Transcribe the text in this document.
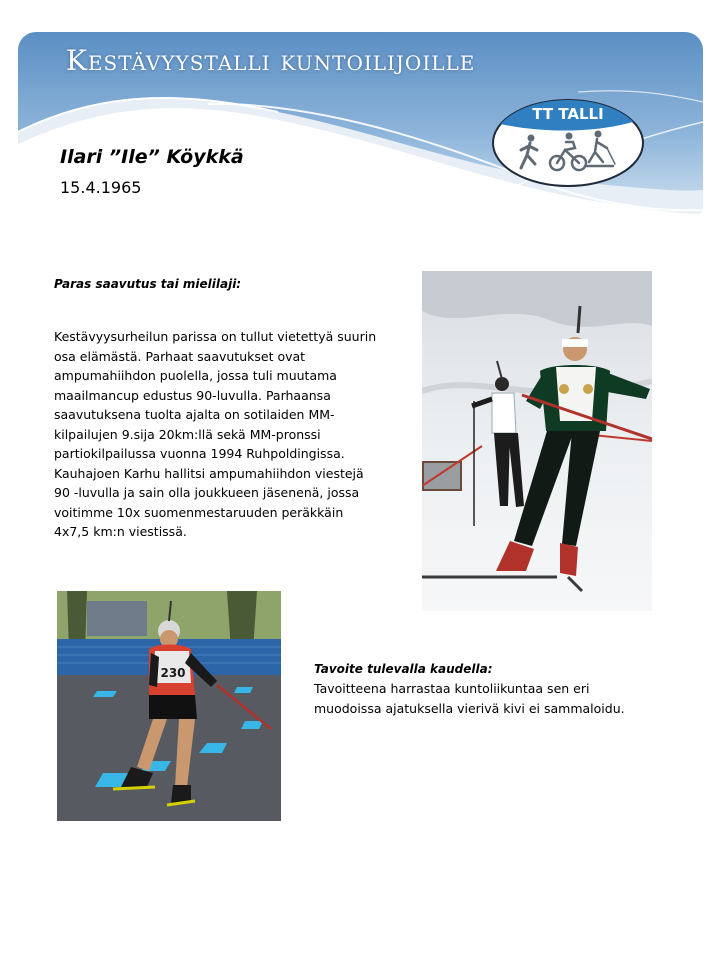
Kestävyystalli kuntoilijoille
TT TALLI
Ilari ”Ile” Köykkä
15.4.1965
Paras saavutus tai mielilaji:
Kestävyysurheilun parissa on tullut vietettyä suurin
osa elämästä. Parhaat saavutukset ovat
ampumahiihdon puolella, jossa tuli muutama
maailmancup edustus 90-luvulla. Parhaansa
saavutuksena tuolta ajalta on sotilaiden MM-
kilpailujen 9.sija 20km:llä sekä MM-pronssi
partiokilpailussa vuonna 1994 Ruhpoldingissa.
Kauhajoen Karhu hallitsi ampumahiihdon viestejä
90 -luvulla ja sain olla joukkueen jäsenenä, jossa
voitimme 10x suomenmestaruuden peräkkäin
4x7,5 km:n viestissä.
230	Tavoite tulevalla kaudella:
Tavoitteena harrastaa kuntoliikuntaa sen eri
muodoissa ajatuksella vierivä kivi ei sammaloidu.
